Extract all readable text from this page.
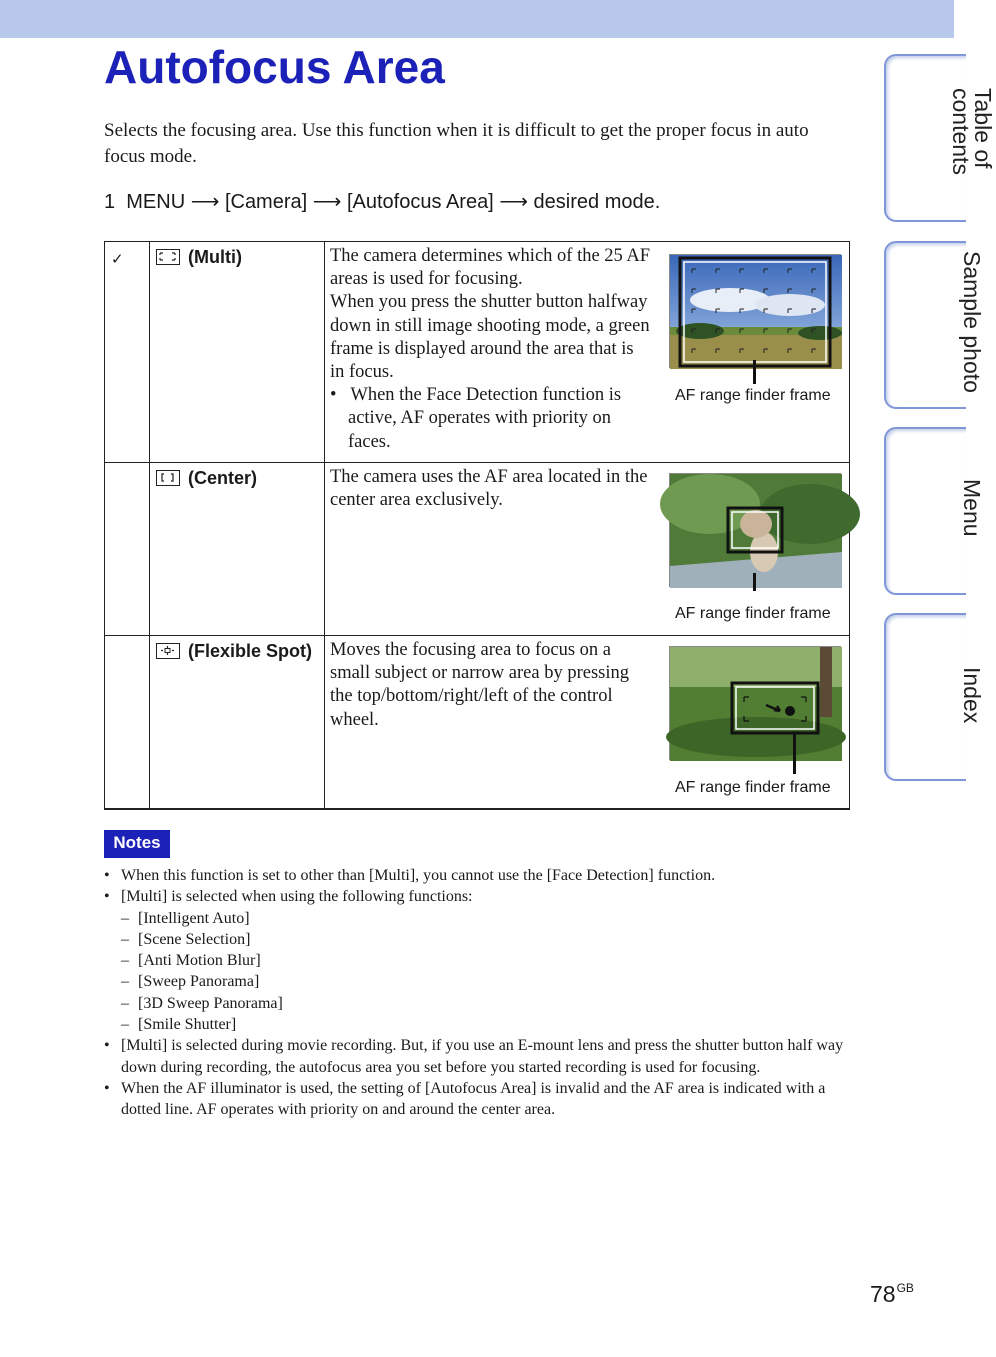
Autofocus Area

Selects the focusing area. Use this function when it is difficult to get the proper focus in auto focus mode.

1 MENU ⟶ [Camera] ⟶ [Autofocus Area] ⟶ desired mode.

✓	(Multi)	The camera determines which of the 25 AF areas is used for focusing.
When you press the shutter button halfway down in still image shooting mode, a green frame is displayed around the area that is in focus.
•   When the Face Detection function is active, AF operates with priority on faces.
AF range finder frame

(Center)	The camera uses the AF area located in the center area exclusively.
AF range finder frame

(Flexible Spot)	Moves the focusing area to focus on a small subject or narrow area by pressing the top/bottom/right/left of the control wheel.
AF range finder frame
Notes
• When this function is set to other than [Multi], you cannot use the [Face Detection] function.
• [Multi] is selected when using the following functions:
– [Intelligent Auto]
– [Scene Selection]
– [Anti Motion Blur]
– [Sweep Panorama]
– [3D Sweep Panorama]
– [Smile Shutter]
• [Multi] is selected during movie recording. But, if you use an E-mount lens and press the shutter button half way down during recording, the autofocus area you set before you started recording is used for focusing.
• When the AF illuminator is used, the setting of [Autofocus Area] is invalid and the AF area is indicated with a dotted line. AF operates with priority on and around the center area.
Table of contents
Sample photo
Menu
Index
$78^{GB}$
